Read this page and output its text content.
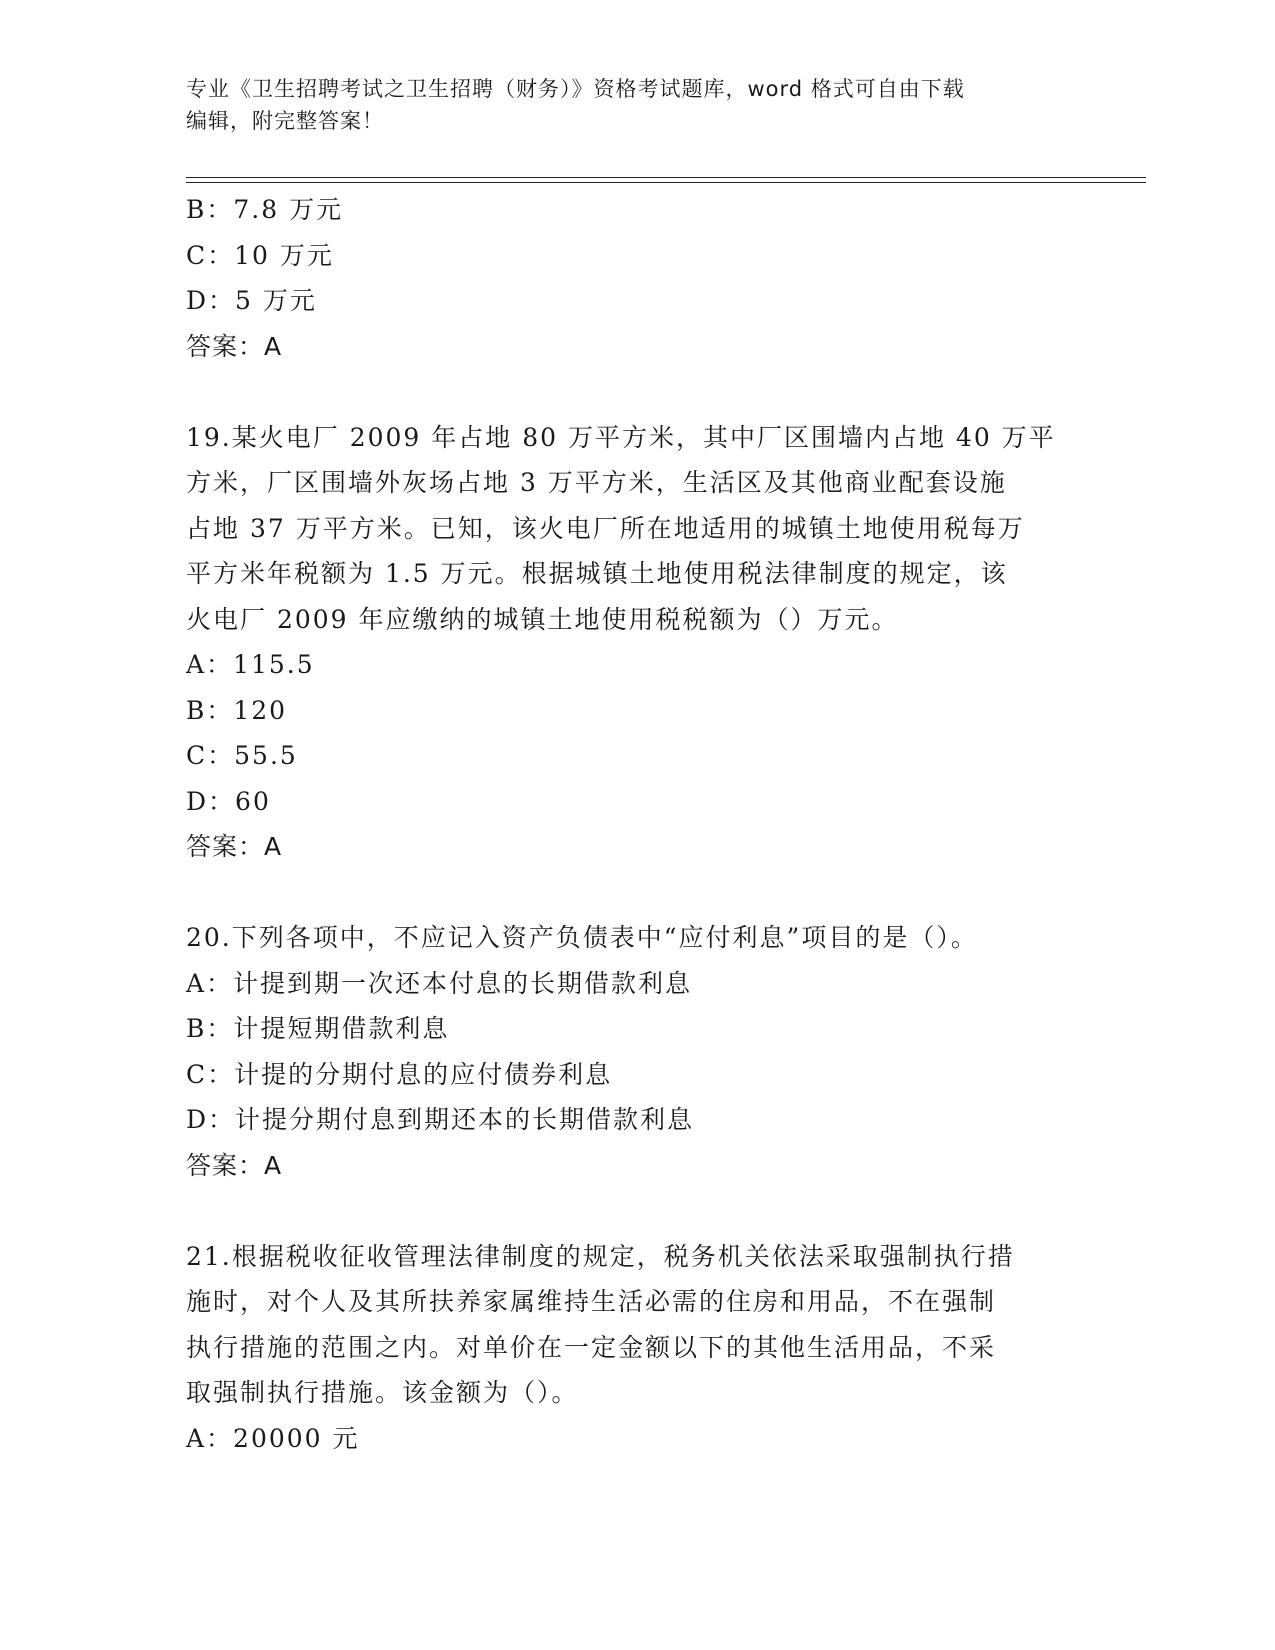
专业《卫生招聘考试之卫生招聘（财务）》资格考试题库，word 格式可自由下载
编辑，附完整答案！
B：7.8 万元
C：10 万元
D：5 万元
答案：A
19.某火电厂 2009 年占地 80 万平方米，其中厂区围墙内占地 40 万平
方米，厂区围墙外灰场占地 3 万平方米，生活区及其他商业配套设施
占地 37 万平方米。已知，该火电厂所在地适用的城镇土地使用税每万
平方米年税额为 1.5 万元。根据城镇土地使用税法律制度的规定，该
火电厂 2009 年应缴纳的城镇土地使用税税额为（）万元。
A：115.5
B：120
C：55.5
D：60
答案：A
20.下列各项中，不应记入资产负债表中“应付利息”项目的是（）。
A：计提到期一次还本付息的长期借款利息
B：计提短期借款利息
C：计提的分期付息的应付债券利息
D：计提分期付息到期还本的长期借款利息
答案：A
21.根据税收征收管理法律制度的规定，税务机关依法采取强制执行措
施时，对个人及其所扶养家属维持生活必需的住房和用品，不在强制
执行措施的范围之内。对单价在一定金额以下的其他生活用品，不采
取强制执行措施。该金额为（）。
A：20000 元
